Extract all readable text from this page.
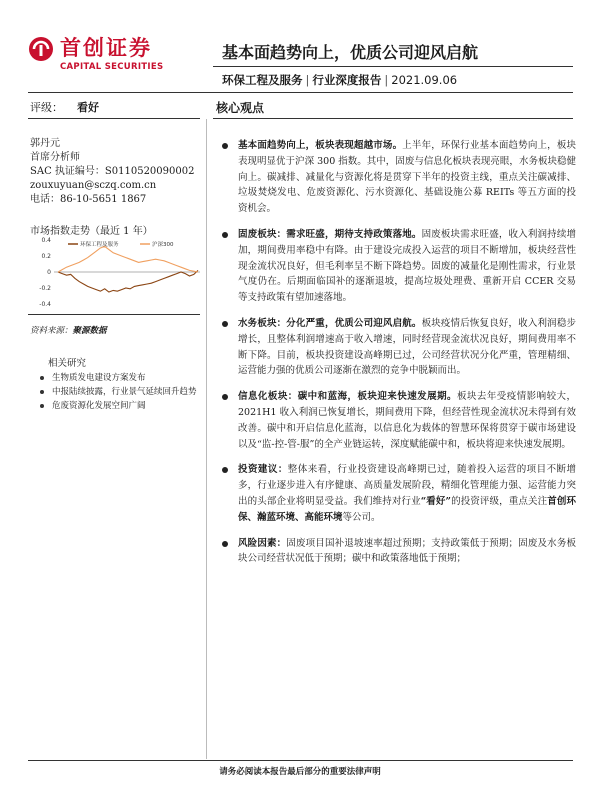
首创证券
CAPITAL SECURITIES
基本面趋势向上，优质公司迎风启航
环保工程及服务 | 行业深度报告 | 2021.09.06
评级： 看好	核心观点
郭丹元
首席分析师
SAC 执证编号：S0110520090002
zouxuyuan@sczq.com.cn
电话：86-10-5651 1867
市场指数走势（最近 1 年）
0.4
0.2
0
-0.2
-0.4
环保工程及服务	沪深300
资料来源：聚源数据
相关研究
生物质发电建设方案发布
中报陆续披露，行业景气延续回升趋势
危废资源化发展空间广阔
基本面趋势向上，板块表现超越市场。上半年，环保行业基本面趋势向上，板块表现明显优于沪深 300 指数。其中，固废与信息化板块表现亮眼，水务板块稳健向上。碳减排、减量化与资源化将是贯穿下半年的投资主线，重点关注碳减排、垃圾焚烧发电、危废资源化、污水资源化、基础设施公募 REITs 等五方面的投资机会。
固废板块：需求旺盛，期待支持政策落地。固废板块需求旺盛，收入利润持续增加，期间费用率稳中有降。由于建设完成投入运营的项目不断增加，板块经营性现金流状况良好，但毛利率呈不断下降趋势。固废的减量化是刚性需求，行业景气度仍在。后期面临国补的逐渐退坡，提高垃圾处理费、重新开启 CCER 交易等支持政策有望加速落地。
水务板块：分化严重，优质公司迎风启航。板块疫情后恢复良好，收入利润稳步增长，且整体利润增速高于收入增速，同时经营现金流状况良好，期间费用率不断下降。目前，板块投资建设高峰期已过，公司经营状况分化严重，管理精细、运营能力强的优质公司逐渐在激烈的竞争中脱颖而出。
信息化板块：碳中和蓝海，板块迎来快速发展期。板块去年受疫情影响较大，2021H1 收入利润已恢复增长，期间费用下降，但经营性现金流状况未得到有效改善。碳中和开启信息化蓝海，以信息化为载体的智慧环保将贯穿于碳市场建设以及“监-控-管-服”的全产业链运转，深度赋能碳中和，板块将迎来快速发展期。
投资建议：整体来看，行业投资建设高峰期已过，随着投入运营的项目不断增多，行业逐步进入有序健康、高质量发展阶段，精细化管理能力强、运营能力突出的头部企业将明显受益。我们维持对行业“看好”的投资评级，重点关注首创环保、瀚蓝环境、高能环境等公司。
风险因素：固废项目国补退坡速率超过预期；支持政策低于预期；固废及水务板块公司经营状况低于预期；碳中和政策落地低于预期；
请务必阅读本报告最后部分的重要法律声明
